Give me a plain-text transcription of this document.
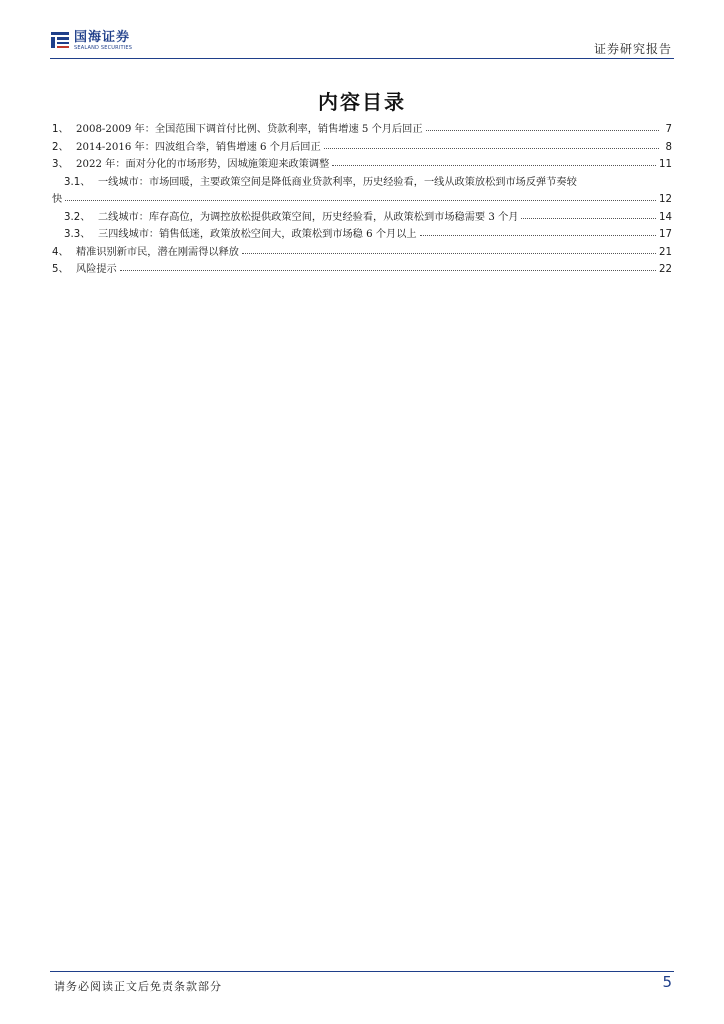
国海证券
SEALAND SECURITIES	证券研究报告
内容目录
1、 2008-2009 年：全国范围下调首付比例、贷款利率，销售增速 5 个月后回正	7
2、 2014-2016 年：四波组合拳，销售增速 6 个月后回正	8
3、 2022 年：面对分化的市场形势，因城施策迎来政策调整	11
3.1、 一线城市：市场回暖，主要政策空间是降低商业贷款利率，历史经验看，一线从政策放松到市场反弹节奏较
快	12
3.2、 二线城市：库存高位，为调控放松提供政策空间，历史经验看，从政策松到市场稳需要 3 个月	14
3.3、 三四线城市：销售低迷，政策放松空间大，政策松到市场稳 6 个月以上	17
4、 精准识别新市民，潜在刚需得以释放	21
5、 风险提示	22
请务必阅读正文后免责条款部分	5
